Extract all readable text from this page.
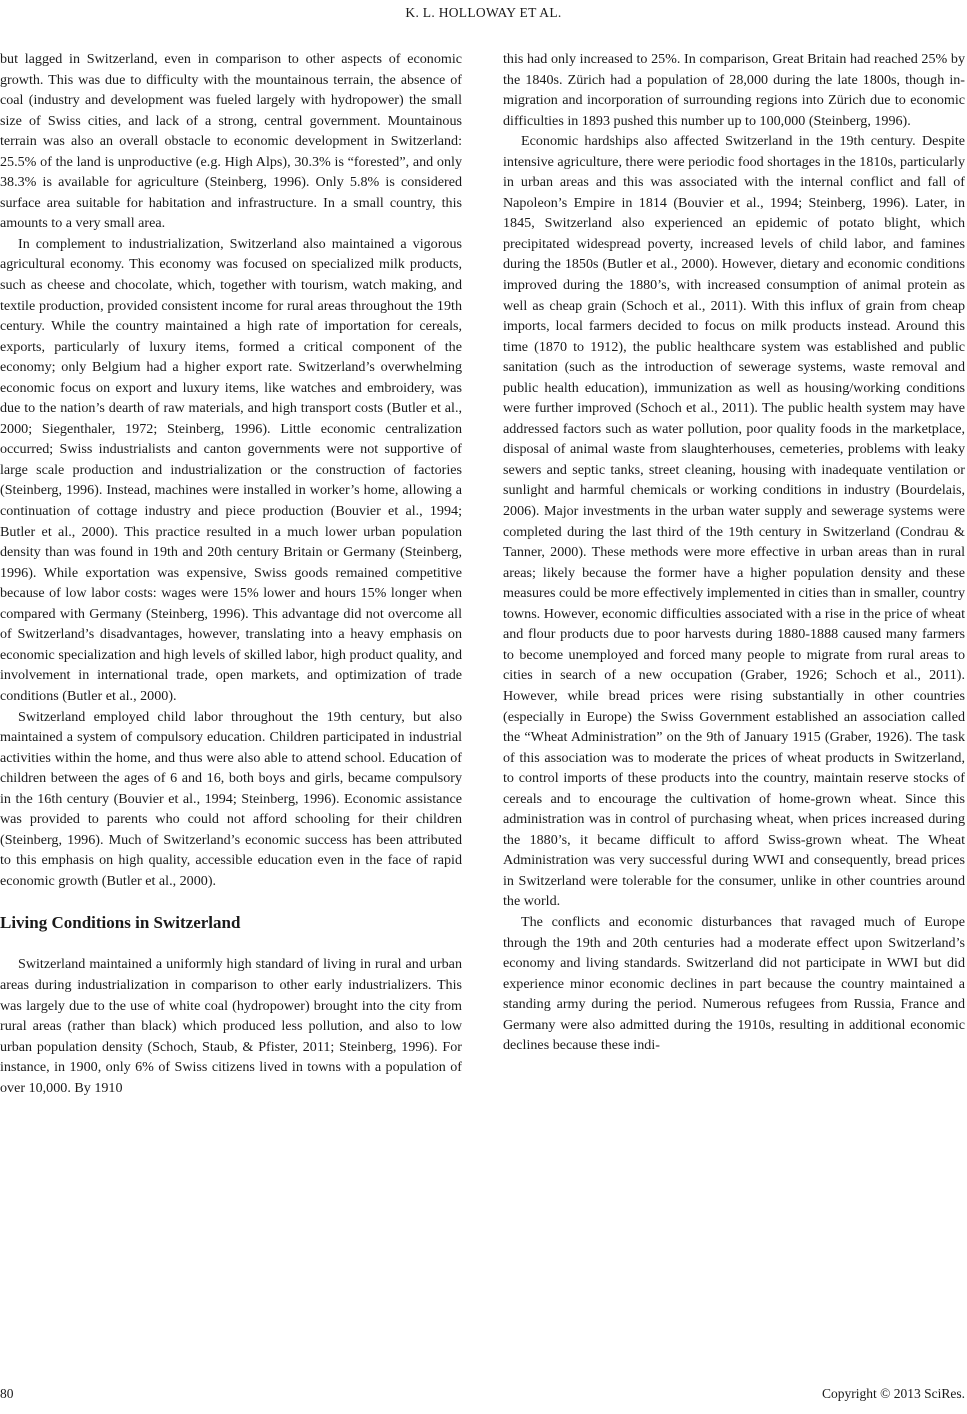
K. L. HOLLOWAY ET AL.

but lagged in Switzerland, even in comparison to other aspects of economic growth. This was due to difficulty with the mountainous terrain, the absence of coal (industry and development was fueled largely with hydropower) the small size of Swiss cities, and lack of a strong, central government. Mountainous terrain was also an overall obstacle to economic development in Switzerland: 25.5% of the land is unproductive (e.g. High Alps), 30.3% is “forested”, and only 38.3% is available for agriculture (Steinberg, 1996). Only 5.8% is considered surface area suitable for habitation and infrastructure. In a small country, this amounts to a very small area.

In complement to industrialization, Switzerland also maintained a vigorous agricultural economy. This economy was focused on specialized milk products, such as cheese and chocolate, which, together with tourism, watch making, and textile production, provided consistent income for rural areas throughout the 19th century. While the country maintained a high rate of importation for cereals, exports, particularly of luxury items, formed a critical component of the economy; only Belgium had a higher export rate. Switzerland’s overwhelming economic focus on export and luxury items, like watches and embroidery, was due to the nation’s dearth of raw materials, and high transport costs (Butler et al., 2000; Siegenthaler, 1972; Steinberg, 1996). Little economic centralization occurred; Swiss industrialists and canton governments were not supportive of large scale production and industrialization or the construction of factories (Steinberg, 1996). Instead, machines were installed in worker’s home, allowing a continuation of cottage industry and piece production (Bouvier et al., 1994; Butler et al., 2000). This practice resulted in a much lower urban population density than was found in 19th and 20th century Britain or Germany (Steinberg, 1996). While exportation was expensive, Swiss goods remained competitive because of low labor costs: wages were 15% lower and hours 15% longer when compared with Germany (Steinberg, 1996). This advantage did not overcome all of Switzerland’s disadvantages, however, translating into a heavy emphasis on economic specialization and high levels of skilled labor, high product quality, and involvement in international trade, open markets, and optimization of trade conditions (Butler et al., 2000).

Switzerland employed child labor throughout the 19th century, but also maintained a system of compulsory education. Children participated in industrial activities within the home, and thus were also able to attend school. Education of children between the ages of 6 and 16, both boys and girls, became compulsory in the 16th century (Bouvier et al., 1994; Steinberg, 1996). Economic assistance was provided to parents who could not afford schooling for their children (Steinberg, 1996). Much of Switzerland’s economic success has been attributed to this emphasis on high quality, accessible education even in the face of rapid economic growth (Butler et al., 2000).

Living Conditions in Switzerland

Switzerland maintained a uniformly high standard of living in rural and urban areas during industrialization in comparison to other early industrializers. This was largely due to the use of white coal (hydropower) brought into the city from rural areas (rather than black) which produced less pollution, and also to low urban population density (Schoch, Staub, & Pfister, 2011; Steinberg, 1996). For instance, in 1900, only 6% of Swiss citizens lived in towns with a population of over 10,000. By 1910

this had only increased to 25%. In comparison, Great Britain had reached 25% by the 1840s. Zürich had a population of 28,000 during the late 1800s, though in-migration and incorporation of surrounding regions into Zürich due to economic difficulties in 1893 pushed this number up to 100,000 (Steinberg, 1996).

Economic hardships also affected Switzerland in the 19th century. Despite intensive agriculture, there were periodic food shortages in the 1810s, particularly in urban areas and this was associated with the internal conflict and fall of Napoleon’s Empire in 1814 (Bouvier et al., 1994; Steinberg, 1996). Later, in 1845, Switzerland also experienced an epidemic of potato blight, which precipitated widespread poverty, increased levels of child labor, and famines during the 1850s (Butler et al., 2000). However, dietary and economic conditions improved during the 1880’s, with increased consumption of animal protein as well as cheap grain (Schoch et al., 2011). With this influx of grain from cheap imports, local farmers decided to focus on milk products instead. Around this time (1870 to 1912), the public healthcare system was established and public sanitation (such as the introduction of sewerage systems, waste removal and public health education), immunization as well as housing/working conditions were further improved (Schoch et al., 2011). The public health system may have addressed factors such as water pollution, poor quality foods in the marketplace, disposal of animal waste from slaughterhouses, cemeteries, problems with leaky sewers and septic tanks, street cleaning, housing with inadequate ventilation or sunlight and harmful chemicals or working conditions in industry (Bourdelais, 2006). Major investments in the urban water supply and sewerage systems were completed during the last third of the 19th century in Switzerland (Condrau & Tanner, 2000). These methods were more effective in urban areas than in rural areas; likely because the former have a higher population density and these measures could be more effectively implemented in cities than in smaller, country towns. However, economic difficulties associated with a rise in the price of wheat and flour products due to poor harvests during 1880-1888 caused many farmers to become unemployed and forced many people to migrate from rural areas to cities in search of a new occupation (Graber, 1926; Schoch et al., 2011). However, while bread prices were rising substantially in other countries (especially in Europe) the Swiss Government established an association called the “Wheat Administration” on the 9th of January 1915 (Graber, 1926). The task of this association was to moderate the prices of wheat products in Switzerland, to control imports of these products into the country, maintain reserve stocks of cereals and to encourage the cultivation of home-grown wheat. Since this administration was in control of purchasing wheat, when prices increased during the 1880’s, it became difficult to afford Swiss-grown wheat. The Wheat Administration was very successful during WWI and consequently, bread prices in Switzerland were tolerable for the consumer, unlike in other countries around the world.

The conflicts and economic disturbances that ravaged much of Europe through the 19th and 20th centuries had a moderate effect upon Switzerland’s economy and living standards. Switzerland did not participate in WWI but did experience minor economic declines in part because the country maintained a standing army during the period. Numerous refugees from Russia, France and Germany were also admitted during the 1910s, resulting in additional economic declines because these indi-

80	Copyright © 2013 SciRes.
